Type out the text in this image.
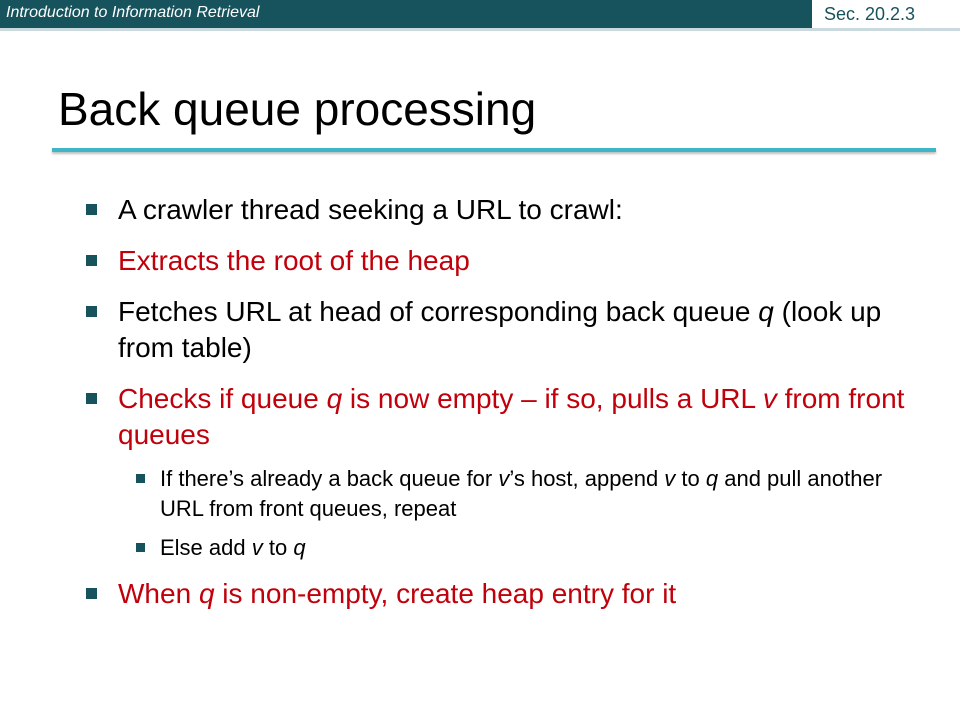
Introduction to Information Retrieval	Sec. 20.2.3
Back queue processing
A crawler thread seeking a URL to crawl:
Extracts the root of the heap
Fetches URL at head of corresponding back queue q (look up from table)
Checks if queue q is now empty – if so, pulls a URL v from front queues
If there’s already a back queue for v’s host, append v to q and pull another URL from front queues, repeat
Else add v to q
When q is non-empty, create heap entry for it
